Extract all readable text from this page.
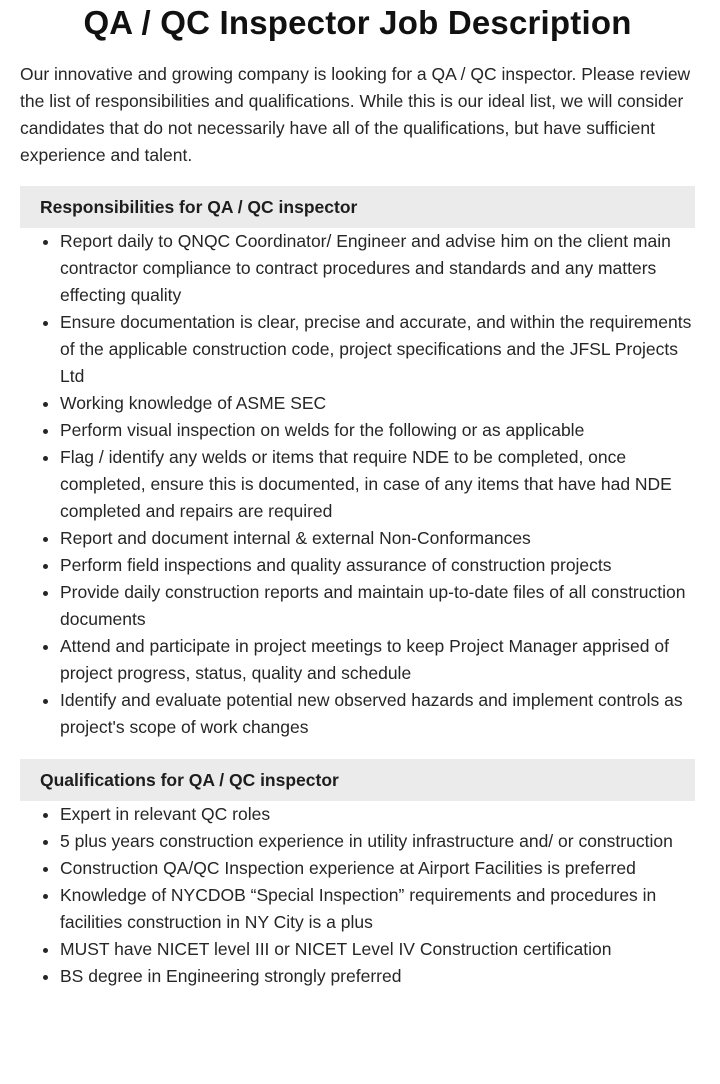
QA / QC Inspector Job Description

Our innovative and growing company is looking for a QA / QC inspector. Please review the list of responsibilities and qualifications. While this is our ideal list, we will consider candidates that do not necessarily have all of the qualifications, but have sufficient experience and talent.

Responsibilities for QA / QC inspector
• Report daily to QNQC Coordinator/ Engineer and advise him on the client main contractor compliance to contract procedures and standards and any matters effecting quality
• Ensure documentation is clear, precise and accurate, and within the requirements of the applicable construction code, project specifications and the JFSL Projects Ltd
• Working knowledge of ASME SEC
• Perform visual inspection on welds for the following or as applicable
• Flag / identify any welds or items that require NDE to be completed, once completed, ensure this is documented, in case of any items that have had NDE completed and repairs are required
• Report and document internal & external Non-Conformances
• Perform field inspections and quality assurance of construction projects
• Provide daily construction reports and maintain up-to-date files of all construction documents
• Attend and participate in project meetings to keep Project Manager apprised of project progress, status, quality and schedule
• Identify and evaluate potential new observed hazards and implement controls as project's scope of work changes
Qualifications for QA / QC inspector
• Expert in relevant QC roles
• 5 plus years construction experience in utility infrastructure and/ or construction
• Construction QA/QC Inspection experience at Airport Facilities is preferred
• Knowledge of NYCDOB “Special Inspection” requirements and procedures in facilities construction in NY City is a plus
• MUST have NICET level III or NICET Level IV Construction certification
• BS degree in Engineering strongly preferred
